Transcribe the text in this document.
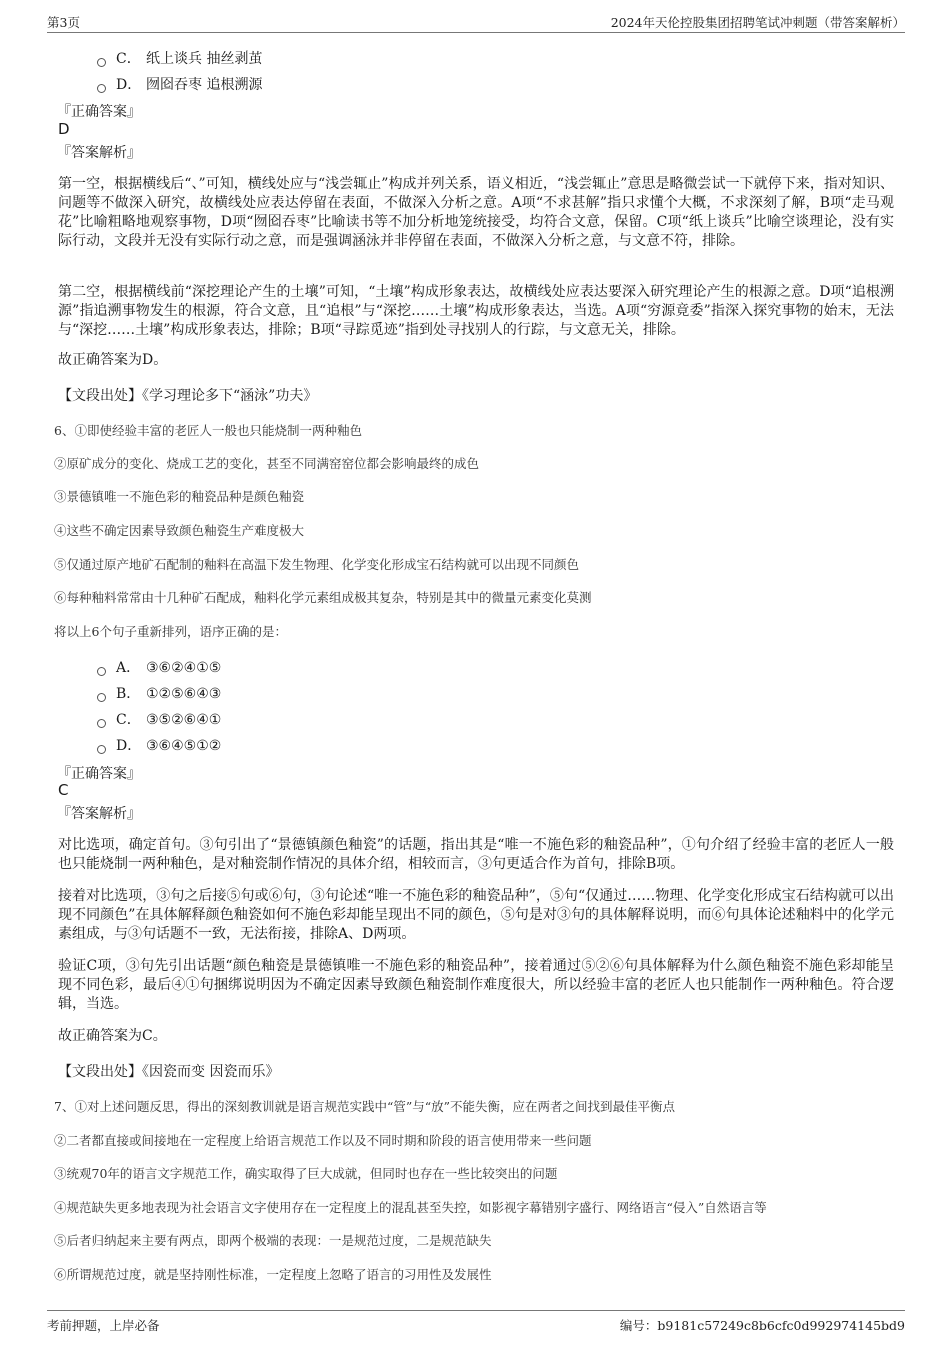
第3页	2024年天伦控股集团招聘笔试冲刺题（带答案解析）
C． 纸上谈兵 抽丝剥茧
D． 囫囵吞枣 追根溯源
『正确答案』
D
『答案解析』
第一空，根据横线后“、”可知，横线处应与“浅尝辄止”构成并列关系，语义相近，“浅尝辄止”意思是略微尝试一下就停下来，指对知识、问题等不做深入研究，故横线处应表达停留在表面，不做深入分析之意。A项“不求甚解”指只求懂个大概，不求深刻了解，B项“走马观花”比喻粗略地观察事物，D项“囫囵吞枣”比喻读书等不加分析地笼统接受，均符合文意，保留。C项“纸上谈兵”比喻空谈理论，没有实际行动，文段并无没有实际行动之意，而是强调涵泳并非停留在表面，不做深入分析之意，与文意不符，排除。
第二空，根据横线前“深挖理论产生的土壤”可知，“土壤”构成形象表达，故横线处应表达要深入研究理论产生的根源之意。D项“追根溯源”指追溯事物发生的根源，符合文意，且“追根”与“深挖……土壤”构成形象表达，当选。A项“穷源竟委”指深入探究事物的始末，无法与“深挖……土壤”构成形象表达，排除；B项“寻踪觅迹”指到处寻找别人的行踪，与文意无关，排除。
故正确答案为D。
【文段出处】《学习理论多下“涵泳”功夫》
6、①即使经验丰富的老匠人一般也只能烧制一两种釉色
②原矿成分的变化、烧成工艺的变化，甚至不同满窑窑位都会影响最终的成色
③景德镇唯一不施色彩的釉瓷品种是颜色釉瓷
④这些不确定因素导致颜色釉瓷生产难度极大
⑤仅通过原产地矿石配制的釉料在高温下发生物理、化学变化形成宝石结构就可以出现不同颜色
⑥每种釉料常常由十几种矿石配成，釉料化学元素组成极其复杂，特别是其中的微量元素变化莫测
将以上6个句子重新排列，语序正确的是：
A． ③⑥②④①⑤
B． ①②⑤⑥④③
C． ③⑤②⑥④①
D． ③⑥④⑤①②
『正确答案』
C
『答案解析』
对比选项，确定首句。③句引出了“景德镇颜色釉瓷”的话题，指出其是“唯一不施色彩的釉瓷品种”，①句介绍了经验丰富的老匠人一般也只能烧制一两种釉色，是对釉瓷制作情况的具体介绍，相较而言，③句更适合作为首句，排除B项。
接着对比选项，③句之后接⑤句或⑥句，③句论述“唯一不施色彩的釉瓷品种”，⑤句“仅通过……物理、化学变化形成宝石结构就可以出现不同颜色”在具体解释颜色釉瓷如何不施色彩却能呈现出不同的颜色，⑤句是对③句的具体解释说明，而⑥句具体论述釉料中的化学元素组成，与③句话题不一致，无法衔接，排除A、D两项。
验证C项，③句先引出话题“颜色釉瓷是景德镇唯一不施色彩的釉瓷品种”，接着通过⑤②⑥句具体解释为什么颜色釉瓷不施色彩却能呈现不同色彩，最后④①句捆绑说明因为不确定因素导致颜色釉瓷制作难度很大，所以经验丰富的老匠人也只能制作一两种釉色。符合逻辑，当选。
故正确答案为C。
【文段出处】《因瓷而变 因瓷而乐》
7、①对上述问题反思，得出的深刻教训就是语言规范实践中“管”与“放”不能失衡，应在两者之间找到最佳平衡点
②二者都直接或间接地在一定程度上给语言规范工作以及不同时期和阶段的语言使用带来一些问题
③统观70年的语言文字规范工作，确实取得了巨大成就，但同时也存在一些比较突出的问题
④规范缺失更多地表现为社会语言文字使用存在一定程度上的混乱甚至失控，如影视字幕错别字盛行、网络语言“侵入”自然语言等
⑤后者归纳起来主要有两点，即两个极端的表现：一是规范过度，二是规范缺失
⑥所谓规范过度，就是坚持刚性标准，一定程度上忽略了语言的习用性及发展性
考前押题，上岸必备	编号：b9181c57249c8b6cfc0d992974145bd9
